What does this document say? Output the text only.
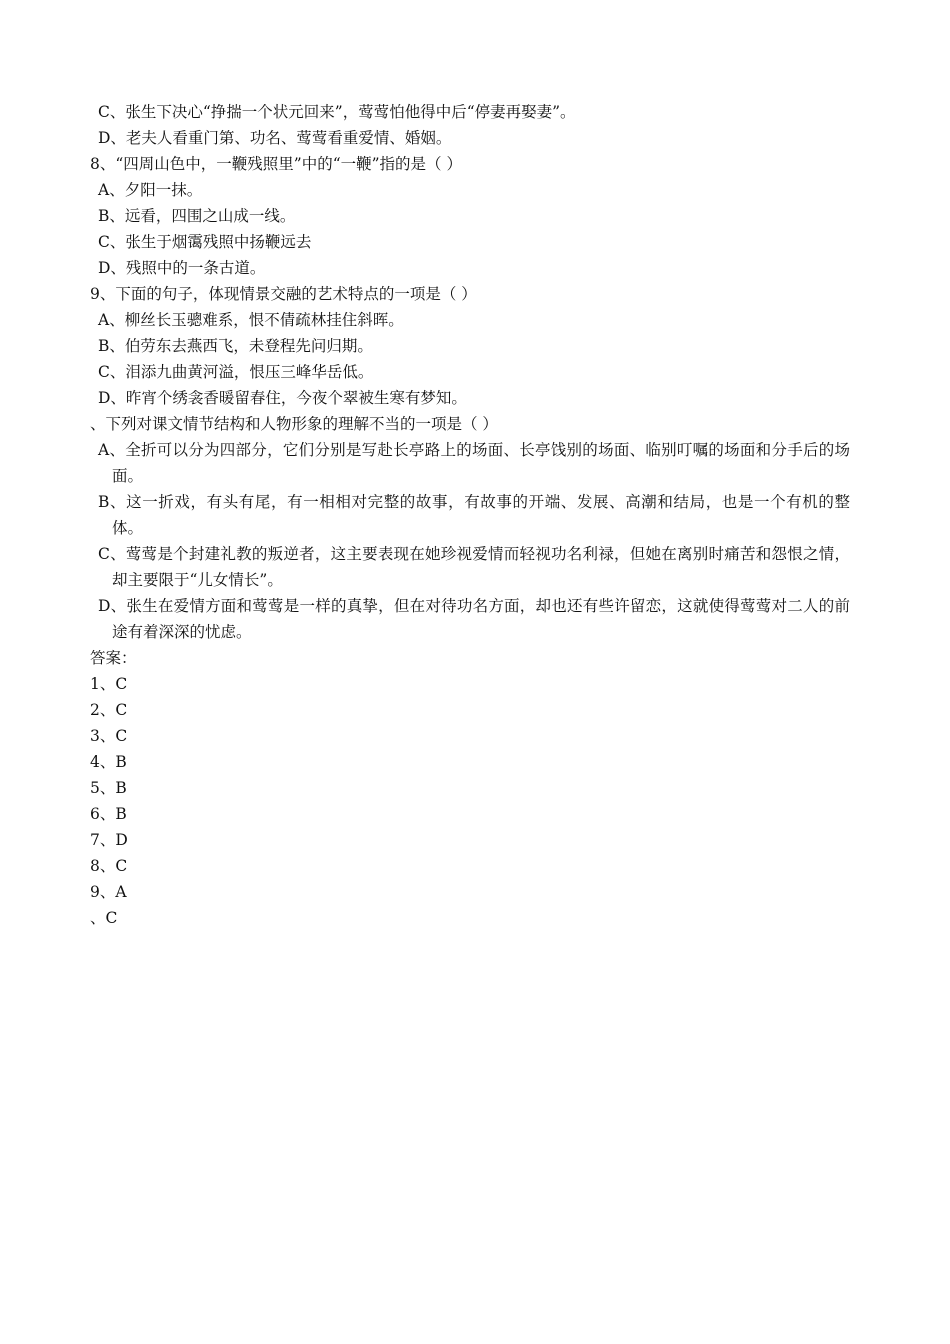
C、张生下决心“挣揣一个状元回来”，莺莺怕他得中后“停妻再娶妻”。
D、老夫人看重门第、功名、莺莺看重爱情、婚姻。
8、“四周山色中，一鞭残照里”中的“一鞭”指的是（ ）
A、夕阳一抹。
B、远看，四围之山成一线。
C、张生于烟霭残照中扬鞭远去
D、残照中的一条古道。
9、下面的句子，体现情景交融的艺术特点的一项是（ ）
A、柳丝长玉骢难系，恨不倩疏林挂住斜晖。
B、伯劳东去燕西飞，未登程先问归期。
C、泪添九曲黄河溢，恨压三峰华岳低。
D、昨宵个绣衾香暖留春住，今夜个翠被生寒有梦知。
、下列对课文情节结构和人物形象的理解不当的一项是（ ）
A、全折可以分为四部分，它们分别是写赴长亭路上的场面、长亭饯别的场面、临别叮嘱的场面和分手后的场面。
B、这一折戏，有头有尾，有一相相对完整的故事，有故事的开端、发展、高潮和结局，也是一个有机的整体。
C、莺莺是个封建礼教的叛逆者，这主要表现在她珍视爱情而轻视功名利禄，但她在离别时痛苦和怨恨之情，却主要限于“儿女情长”。
D、张生在爱情方面和莺莺是一样的真挚，但在对待功名方面，却也还有些许留恋，这就使得莺莺对二人的前途有着深深的忧虑。
答案：
1、C
2、C
3、C
4、B
5、B
6、B
7、D
8、C
9、A
、C
